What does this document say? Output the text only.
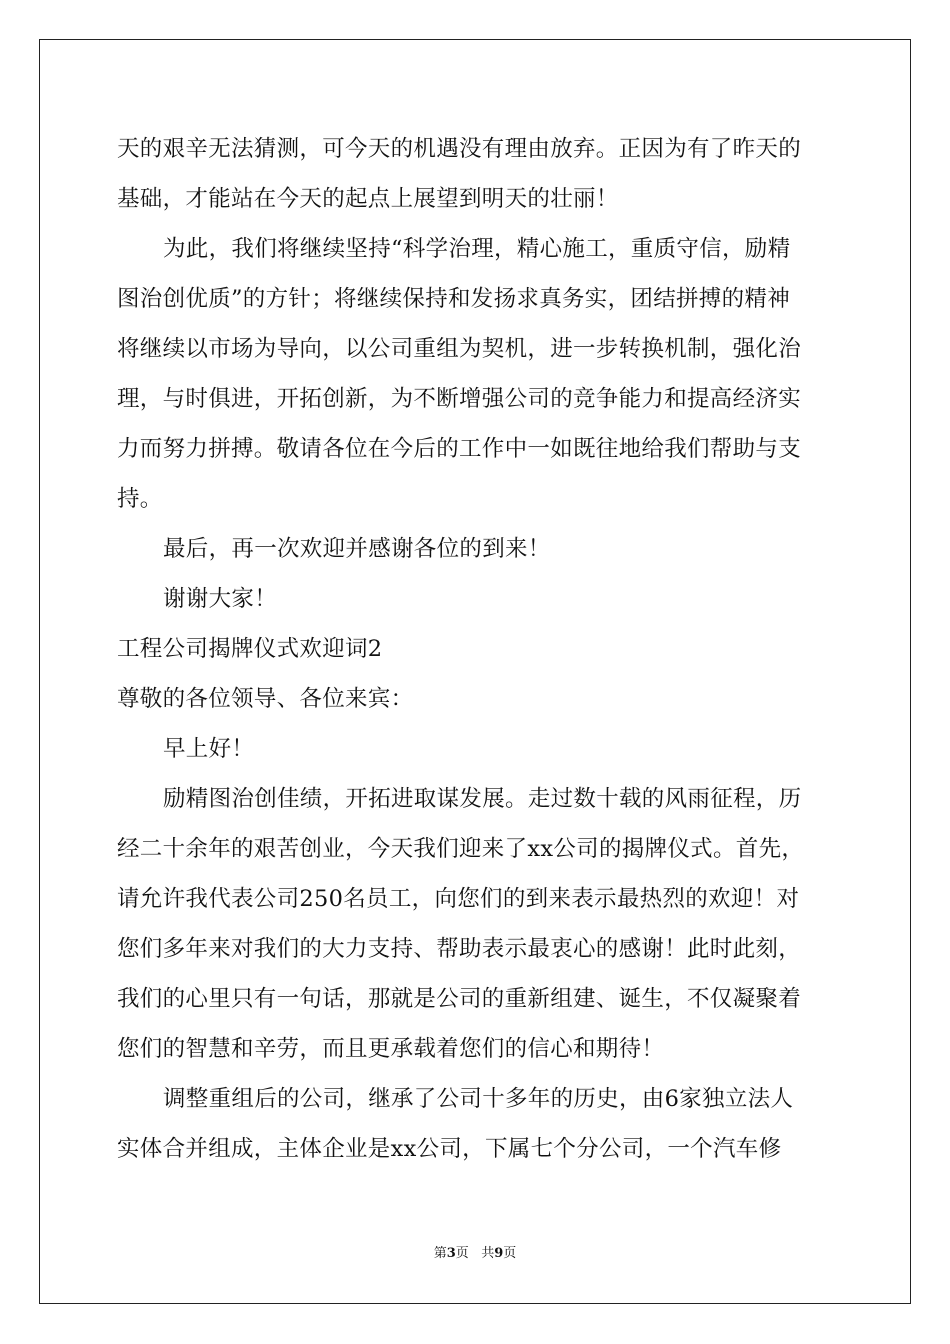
天的艰辛无法猜测，可今天的机遇没有理由放弃。正因为有了昨天的
基础，才能站在今天的起点上展望到明天的壮丽！
为此，我们将继续坚持“科学治理，精心施工，重质守信，励精
图治创优质”的方针；将继续保持和发扬求真务实，团结拼搏的精神
将继续以市场为导向，以公司重组为契机，进一步转换机制，强化治
理，与时俱进，开拓创新，为不断增强公司的竞争能力和提高经济实
力而努力拼搏。敬请各位在今后的工作中一如既往地给我们帮助与支
持。
最后，再一次欢迎并感谢各位的到来！
谢谢大家！
工程公司揭牌仪式欢迎词2
尊敬的各位领导、各位来宾：
早上好！
励精图治创佳绩，开拓进取谋发展。走过数十载的风雨征程，历
经二十余年的艰苦创业，今天我们迎来了xx公司的揭牌仪式。首先，
请允许我代表公司250名员工，向您们的到来表示最热烈的欢迎！对
您们多年来对我们的大力支持、帮助表示最衷心的感谢！此时此刻，
我们的心里只有一句话，那就是公司的重新组建、诞生，不仅凝聚着
您们的智慧和辛劳，而且更承载着您们的信心和期待！
调整重组后的公司，继承了公司十多年的历史，由6家独立法人
实体合并组成，主体企业是xx公司，下属七个分公司，一个汽车修
第3页 共9页
